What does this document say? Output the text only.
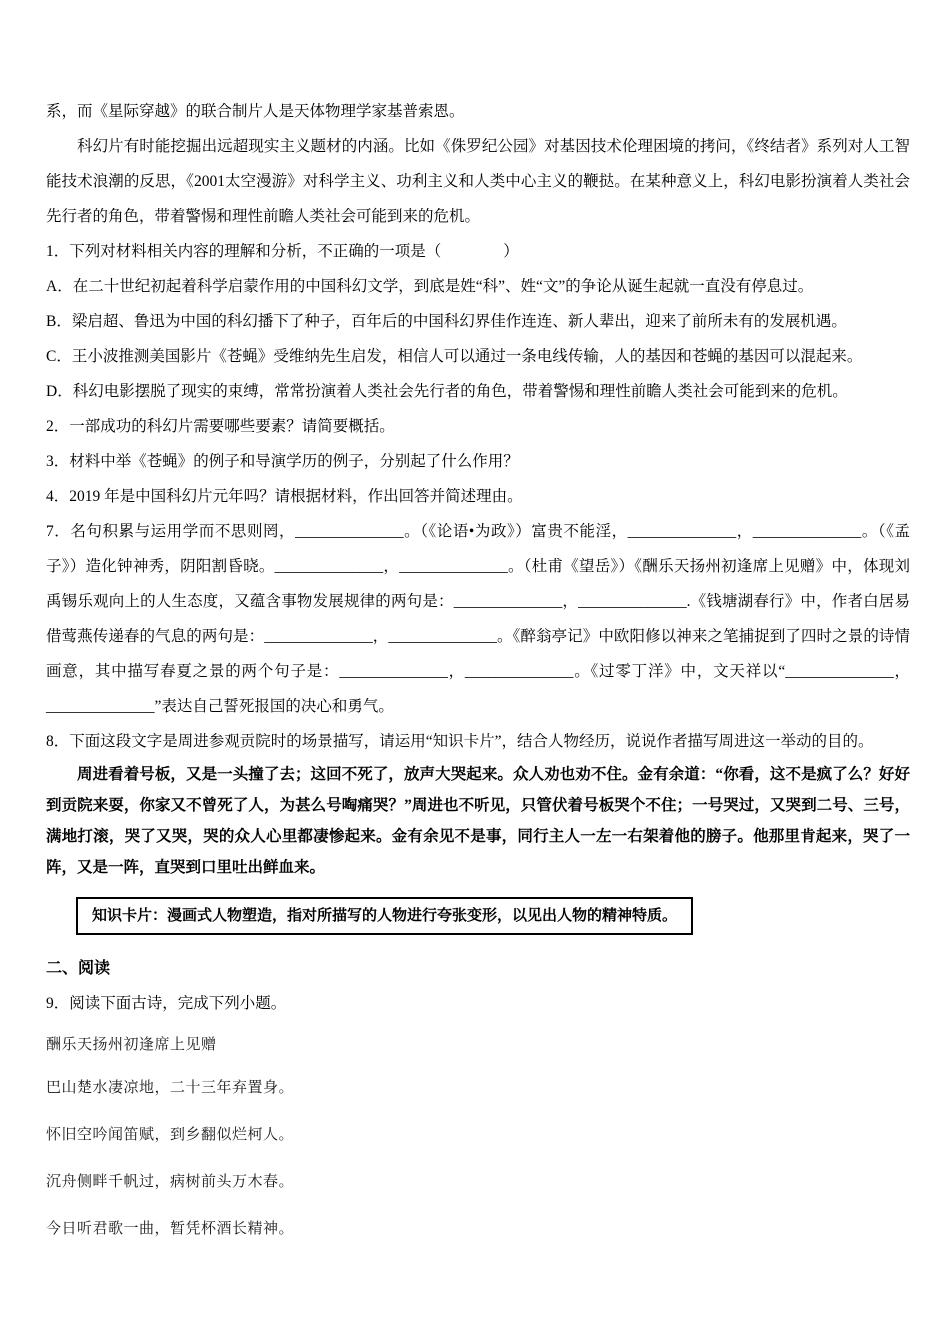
系，而《星际穿越》的联合制片人是天体物理学家基普索恩。

科幻片有时能挖掘出远超现实主义题材的内涵。比如《侏罗纪公园》对基因技术伦理困境的拷问，《终结者》系列对人工智能技术浪潮的反思，《2001太空漫游》对科学主义、功利主义和人类中心主义的鞭挞。在某种意义上，科幻电影扮演着人类社会先行者的角色，带着警惕和理性前瞻人类社会可能到来的危机。

1．下列对材料相关内容的理解和分析，不正确的一项是（　　　　）

A．在二十世纪初起着科学启蒙作用的中国科幻文学，到底是姓“科”、姓“文”的争论从诞生起就一直没有停息过。

B．梁启超、鲁迅为中国的科幻播下了种子，百年后的中国科幻界佳作连连、新人辈出，迎来了前所未有的发展机遇。

C．王小波推测美国影片《苍蝇》受维纳先生启发，相信人可以通过一条电线传输，人的基因和苍蝇的基因可以混起来。

D．科幻电影摆脱了现实的束缚，常常扮演着人类社会先行者的角色，带着警惕和理性前瞻人类社会可能到来的危机。

2．一部成功的科幻片需要哪些要素？请简要概括。

3．材料中举《苍蝇》的例子和导演学历的例子，分别起了什么作用？

4．2019 年是中国科幻片元年吗？请根据材料，作出回答并简述理由。

7．名句积累与运用学而不思则罔，______________。（《论语•为政》）富贵不能淫，______________，______________。（《孟子》）造化钟神秀，阴阳割昏晓。______________，______________。（杜甫《望岳》）《酬乐天扬州初逢席上见赠》中，体现刘禹锡乐观向上的人生态度，又蕴含事物发展规律的两句是：______________，______________.《钱塘湖春行》中，作者白居易借莺燕传递春的气息的两句是：______________，______________。《醉翁亭记》中欧阳修以神来之笔捕捉到了四时之景的诗情画意，其中描写春夏之景的两个句子是：______________，______________。《过零丁洋》中，文天祥以“______________，______________”表达自己誓死报国的决心和勇气。

8．下面这段文字是周进参观贡院时的场景描写，请运用“知识卡片”，结合人物经历，说说作者描写周进这一举动的目的。

周进看着号板，又是一头撞了去；这回不死了，放声大哭起来。众人劝也劝不住。金有余道：“你看，这不是疯了么？好好到贡院来耍，你家又不曾死了人，为甚么号啕痛哭？”周进也不听见，只管伏着号板哭个不住；一号哭过，又哭到二号、三号，满地打滚，哭了又哭，哭的众人心里都凄惨起来。金有余见不是事，同行主人一左一右架着他的膀子。他那里肯起来，哭了一阵，又是一阵，直哭到口里吐出鲜血来。

知识卡片：漫画式人物塑造，指对所描写的人物进行夸张变形，以见出人物的精神特质。

二、阅读

9．阅读下面古诗，完成下列小题。

酬乐天扬州初逢席上见赠

巴山楚水凄凉地，二十三年弃置身。

怀旧空吟闻笛赋，到乡翻似烂柯人。

沉舟侧畔千帆过，病树前头万木春。

今日听君歌一曲，暂凭杯酒长精神。
